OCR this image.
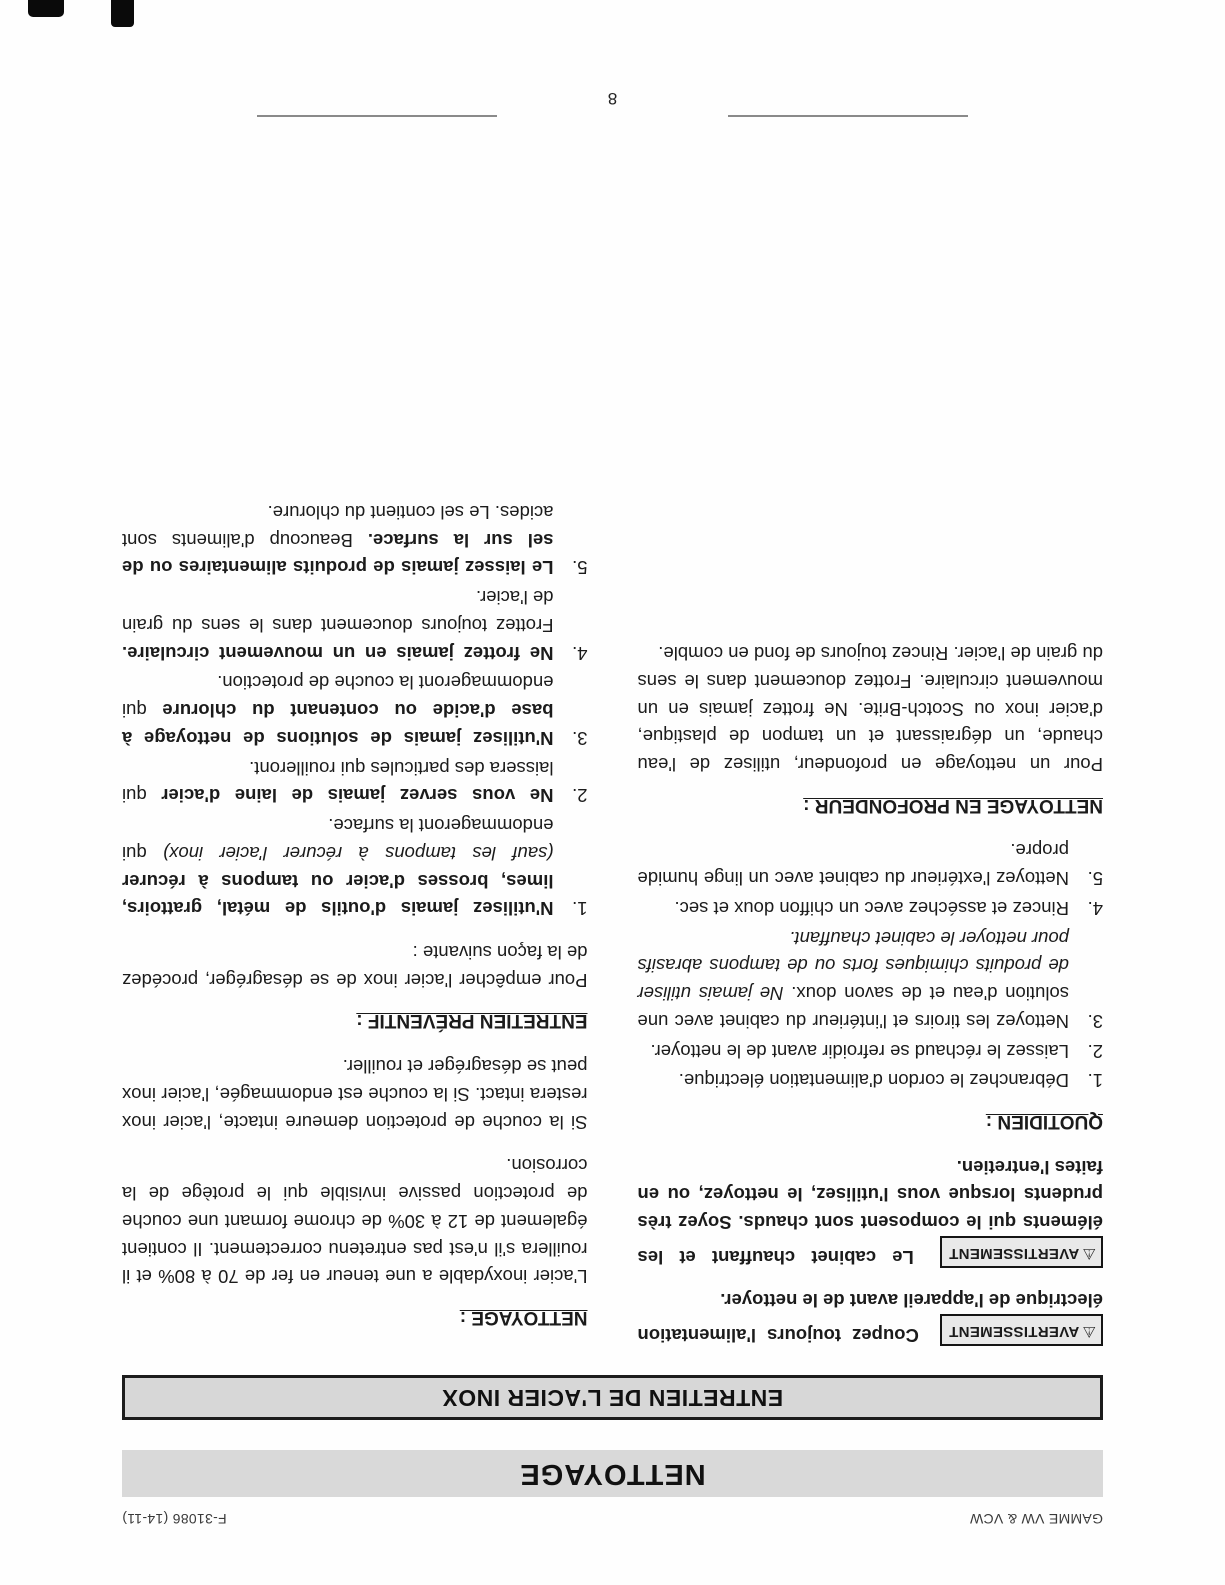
GAMME VW & VCW
F-31086 (14-11)
NETTOYAGE
ENTRETIEN DE L'ACIER INOX

⚠AVERTISSEMENT Coupez toujours l'alimentation électrique de l'appareil avant de le nettoyer.

⚠AVERTISSEMENT Le cabinet chauffant et les éléments qui le composent sont chauds. Soyez très prudents lorsque vous l'utilisez, le nettoyez, ou en faites l'entretien.

QUOTIDIEN :
1.
Débranchez le cordon d'alimentation électrique.
2.
Laissez le réchaud se refroidir avant de le nettoyer.
3.
Nettoyez les tiroirs et l'intérieur du cabinet avec une solution d'eau et de savon doux. Ne jamais utiliser de produits chimiques forts ou de tampons abrasifs pour nettoyer le cabinet chauffant.
4.
Rincez et asséchez avec un chiffon doux et sec.
5.
Nettoyez l'extérieur du cabinet avec un linge humide propre.
NETTOYAGE EN PROFONDEUR :

Pour un nettoyage en profondeur, utilisez de l'eau chaude, un dégraissant et un tampon de plastique, d'acier inox ou Scotch-Brite. Ne frottez jamais en un mouvement circulaire. Frottez doucement dans le sens du grain de l'acier. Rincez toujours de fond en comble.

NETTOYAGE :

L'acier inoxydable a une teneur en fer de 70 à 80% et il rouillera s'il n'est pas entretenu correctement. Il contient également de 12 à 30% de chrome formant une couche de protection passive invisible qui le protège de la corrosion.

Si la couche de protection demeure intacte, l'acier inox restera intact. Si la couche est endommagée, l'acier inox peut se désagréger et rouiller.

ENTRETIEN PRÉVENTIF :

Pour empêcher l'acier inox de se désagréger, procédez de la façon suivante :

1.
N'utilisez jamais d'outils de métal, grattoirs, limes, brosses d'acier ou tampons à récurer (sauf les tampons à récurer l'acier inox) qui endommageront la surface.
2.
Ne vous servez jamais de laine d'acier qui laissera des particules qui rouilleront.
3.
N'utilisez jamais de solutions de nettoyage à base d'acide ou contenant du chlorure qui endommageront la couche de protection.
4.
Ne frottez jamais en un mouvement circulaire. Frottez toujours doucement dans le sens du grain de l'acier.
5.
Le laissez jamais de produits alimentaires ou de sel sur la surface. Beaucoup d'aliments sont acides. Le sel contient du chlorure.
8
